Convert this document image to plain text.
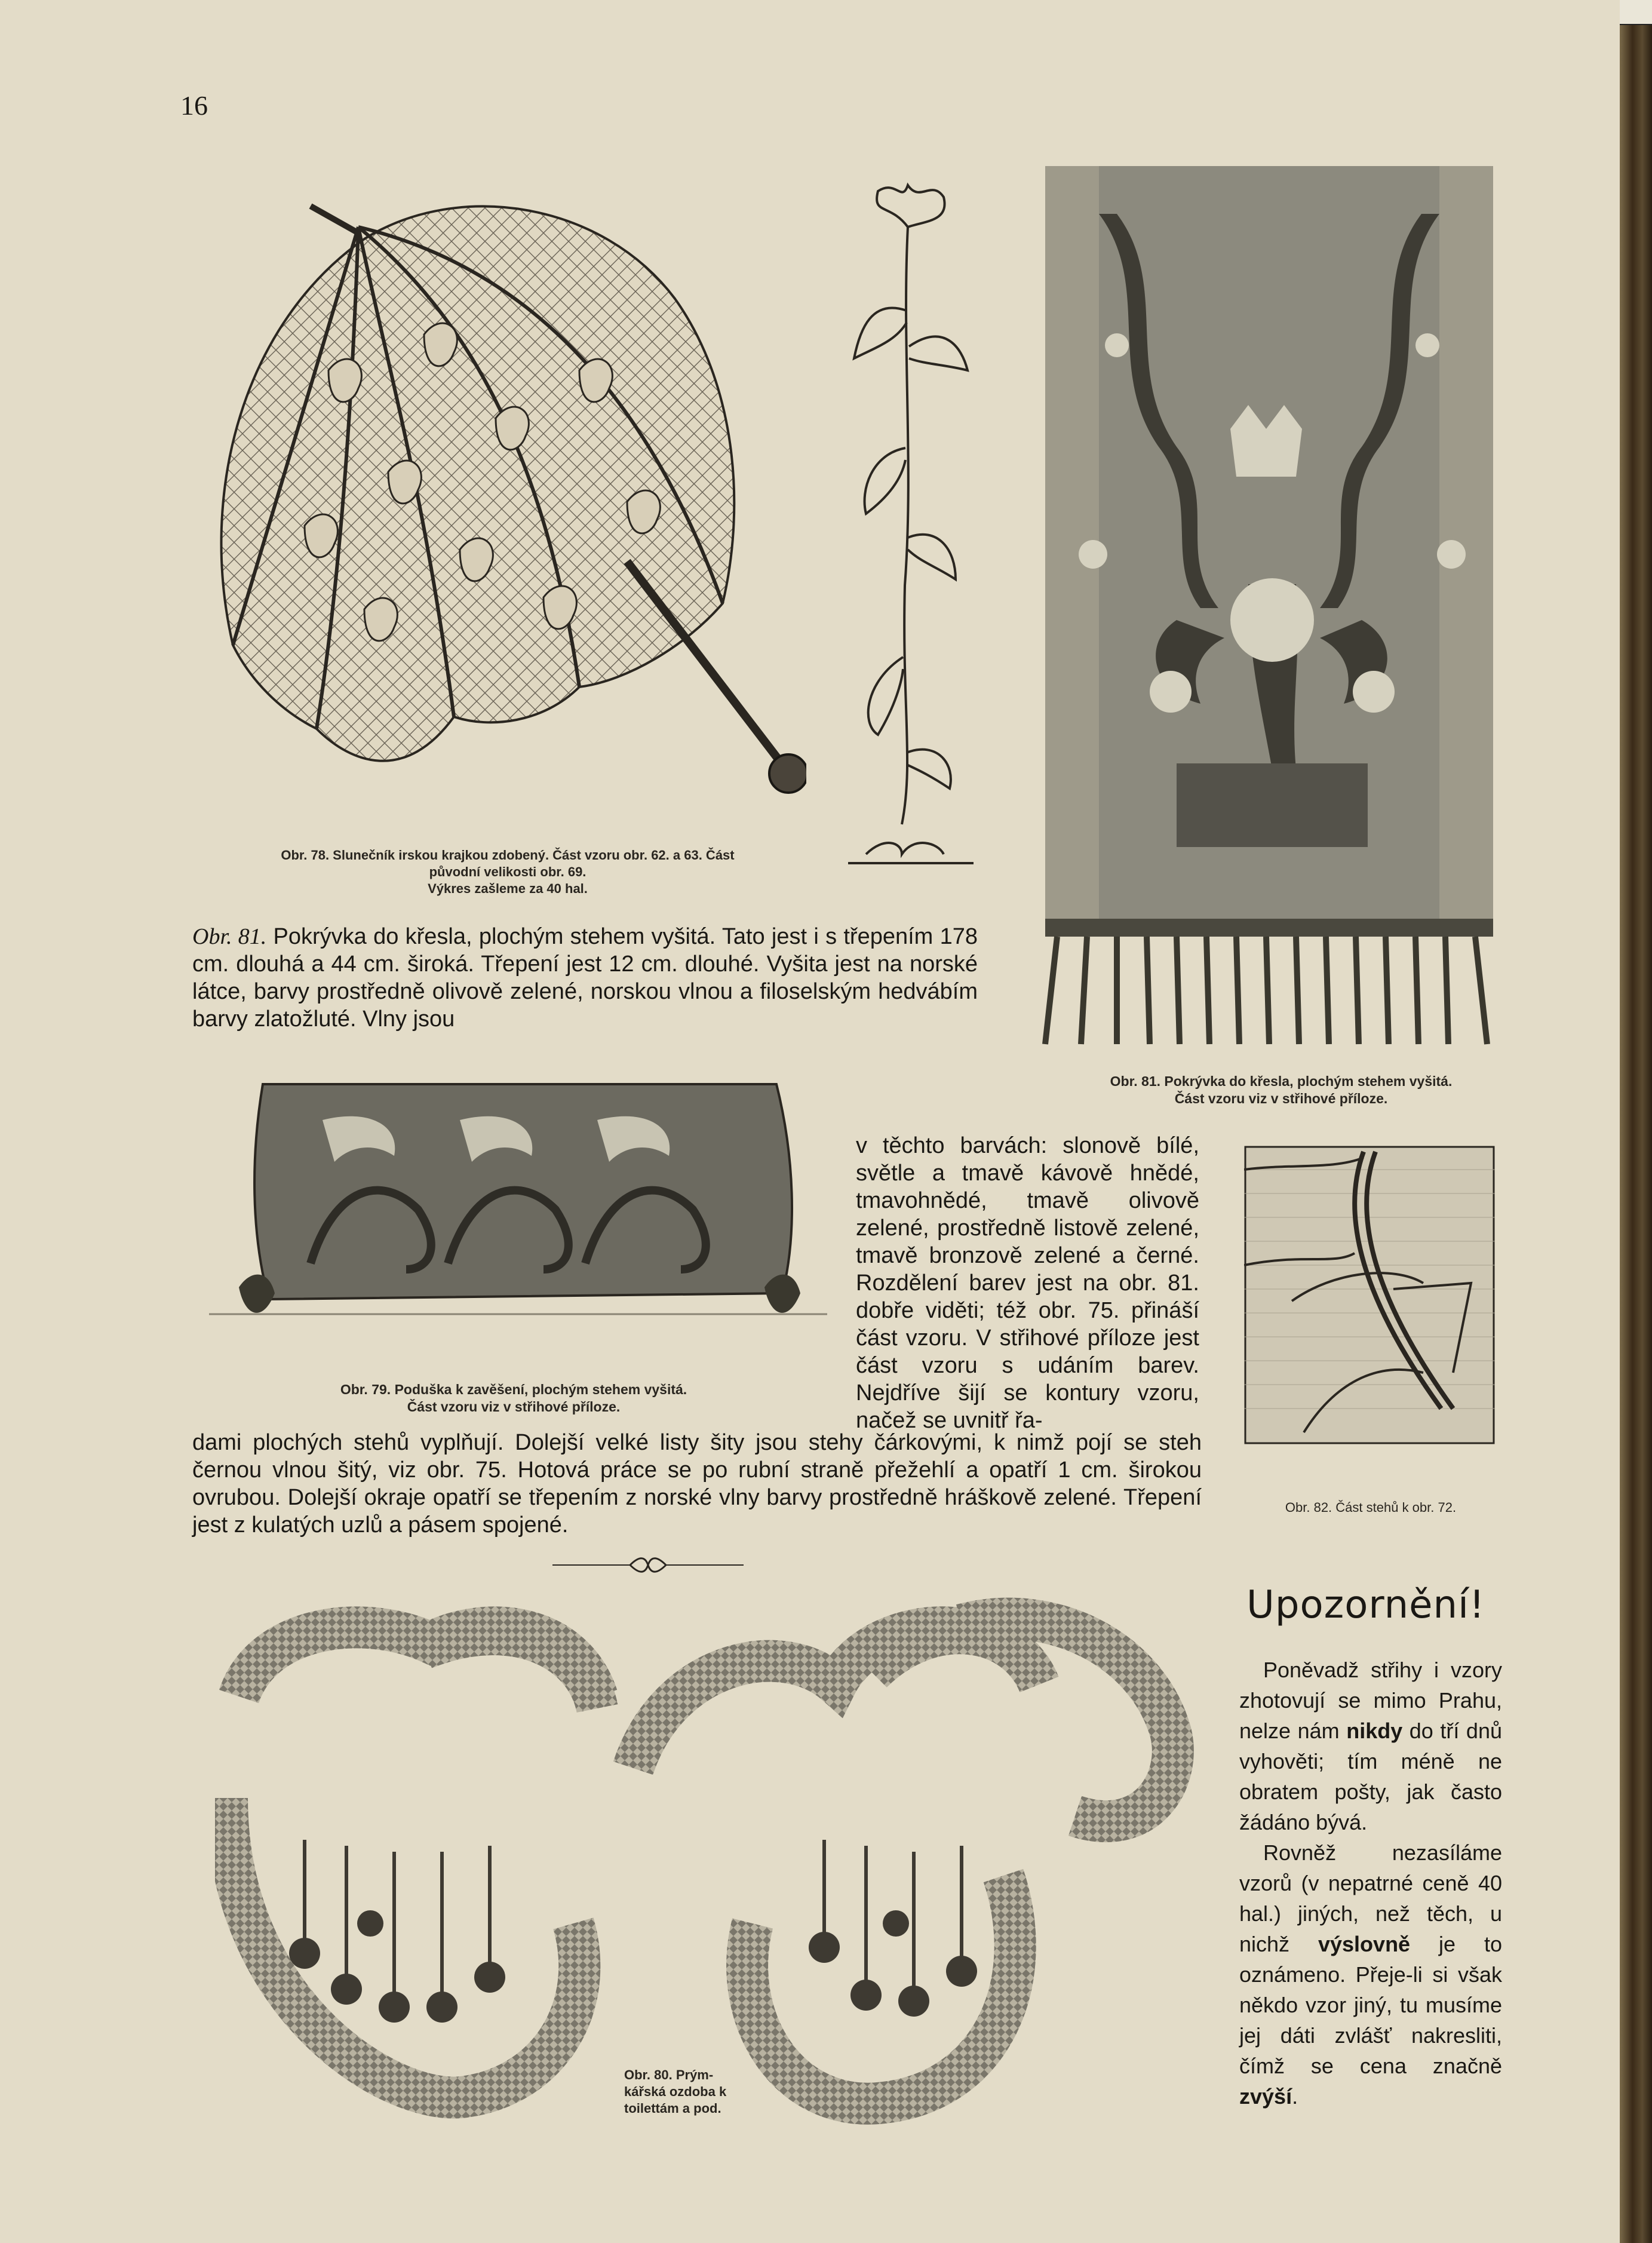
16
Obr. 78. Slunečník irskou krajkou zdobený. Část vzoru obr. 62. a 63. Část
původní velikosti obr. 69.
Výkres zašleme za 40 hal.
Obr. 81. Pokrývka do křesla, plochým stehem vyšitá.
Část vzoru viz v střihové příloze.

Obr. 81. Pokrývka do křesla, plochým stehem vyšitá. Tato jest i s třepením 178 cm. dlouhá a 44 cm. široká. Třepení jest 12 cm. dlouhé. Vyšita jest na norské látce, barvy prostředně olivově zelené, norskou vlnou a filoselským hedvábím barvy zlatožluté. Vlny jsou

Obr. 79. Poduška k zavěšení, plochým stehem vyšitá.
Část vzoru viz v střihové příloze.

v těchto barvách: slonově bílé, světle a tmavě kávově hnědé, tmavohnědé, tmavě olivově zelené, prostředně listově zelené, tmavě bronzově zelené a černé. Rozdělení barev jest na obr. 81. dobře viděti; též obr. 75. přináší část vzoru. V střihové příloze jest část vzoru s udáním barev. Nejdříve šijí se kontury vzoru, načež se uvnitř řa-

dami plochých stehů vyplňují. Dolejší velké listy šity jsou stehy čárkovými, k nimž pojí se steh černou vlnou šitý, viz obr. 75. Hotová práce se po rubní straně přežehlí a opatří 1 cm. širokou ovrubou. Dolejší okraje opatří se třepením z norské vlny barvy prostředně hráškově zelené. Třepení jest z kulatých uzlů a pásem spojené.

Obr. 82. Část stehů k obr. 72.
Obr. 80. Prým-
kářská ozdoba k
toilettám a pod.
Upozornění!

Poněvadž střihy i vzory zhotovují se mimo Prahu, nelze nám nikdy do tří dnů vyhověti; tím méně ne obratem pošty, jak často žádáno bývá.

Rovněž nezasíláme vzorů (v nepatrné ceně 40 hal.) jiných, než těch, u nichž výslovně je to oznámeno. Přeje-li si však někdo vzor jiný, tu musíme jej dáti zvlášť nakresliti, čímž se cena značně zvýší.
